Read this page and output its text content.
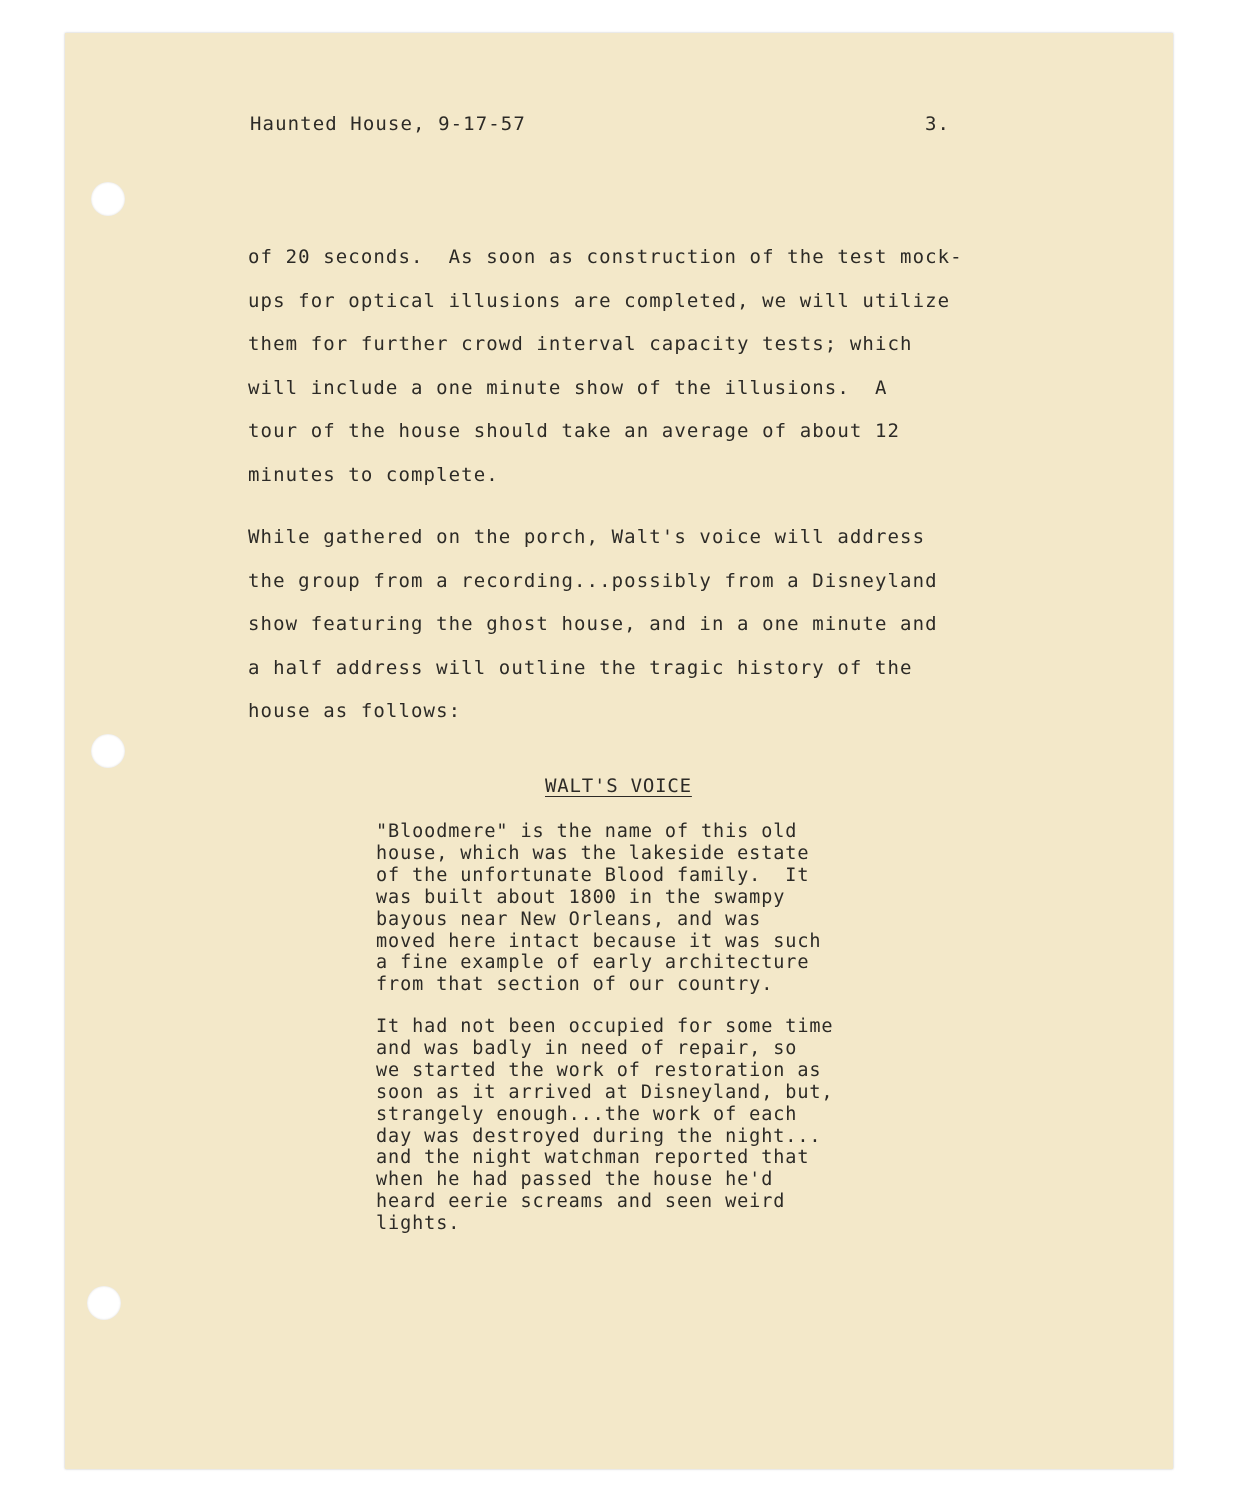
Haunted House, 9-17-57	3.

of 20 seconds.  As soon as construction of the test mock-
ups for optical illusions are completed, we will utilize
them for further crowd interval capacity tests; which
will include a one minute show of the illusions.  A
tour of the house should take an average of about 12
minutes to complete.

While gathered on the porch, Walt's voice will address
the group from a recording...possibly from a Disneyland
show featuring the ghost house, and in a one minute and
a half address will outline the tragic history of the
house as follows:

WALT'S VOICE

"Bloodmere" is the name of this old
house, which was the lakeside estate
of the unfortunate Blood family.  It
was built about 1800 in the swampy
bayous near New Orleans, and was
moved here intact because it was such
a fine example of early architecture
from that section of our country.

It had not been occupied for some time
and was badly in need of repair, so
we started the work of restoration as
soon as it arrived at Disneyland, but,
strangely enough...the work of each
day was destroyed during the night...
and the night watchman reported that
when he had passed the house he'd
heard eerie screams and seen weird
lights.
